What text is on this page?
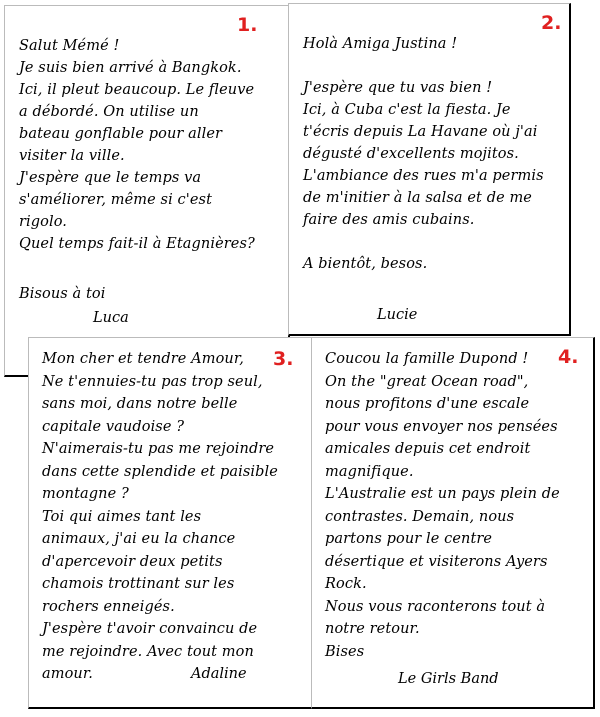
1.
Salut Mémé !
Je suis bien arrivé à Bangkok.
Ici, il pleut beaucoup. Le fleuve
a débordé. On utilise un
bateau gonflable pour aller
visiter la ville.
J'espère que le temps va
s'améliorer, même si c'est
rigolo.
Quel temps fait-il à Etagnières?
Bisous à toi
Luca
2.
Holà Amiga Justina !
J'espère que tu vas bien !
Ici, à Cuba c'est la fiesta. Je
t'écris depuis La Havane où j'ai
dégusté d'excellents mojitos.
L'ambiance des rues m'a permis
de m'initier à la salsa et de me
faire des amis cubains.
A bientôt, besos.
Lucie
3.
Mon cher et tendre Amour,
Ne t'ennuies-tu pas trop seul,
sans moi, dans notre belle
capitale vaudoise ?
N'aimerais-tu pas me rejoindre
dans cette splendide et paisible
montagne ?
Toi qui aimes tant les
animaux, j'ai eu la chance
d'apercevoir deux petits
chamois trottinant sur les
rochers enneigés.
J'espère t'avoir convaincu de
me rejoindre. Avec tout mon
amour.	Adaline
4.
Coucou la famille Dupond !
On the "great Ocean road",
nous profitons d'une escale
pour vous envoyer nos pensées
amicales depuis cet endroit
magnifique.
L'Australie est un pays plein de
contrastes. Demain, nous
partons pour le centre
désertique et visiterons Ayers
Rock.
Nous vous raconterons tout à
notre retour.
Bises
Le Girls Band
